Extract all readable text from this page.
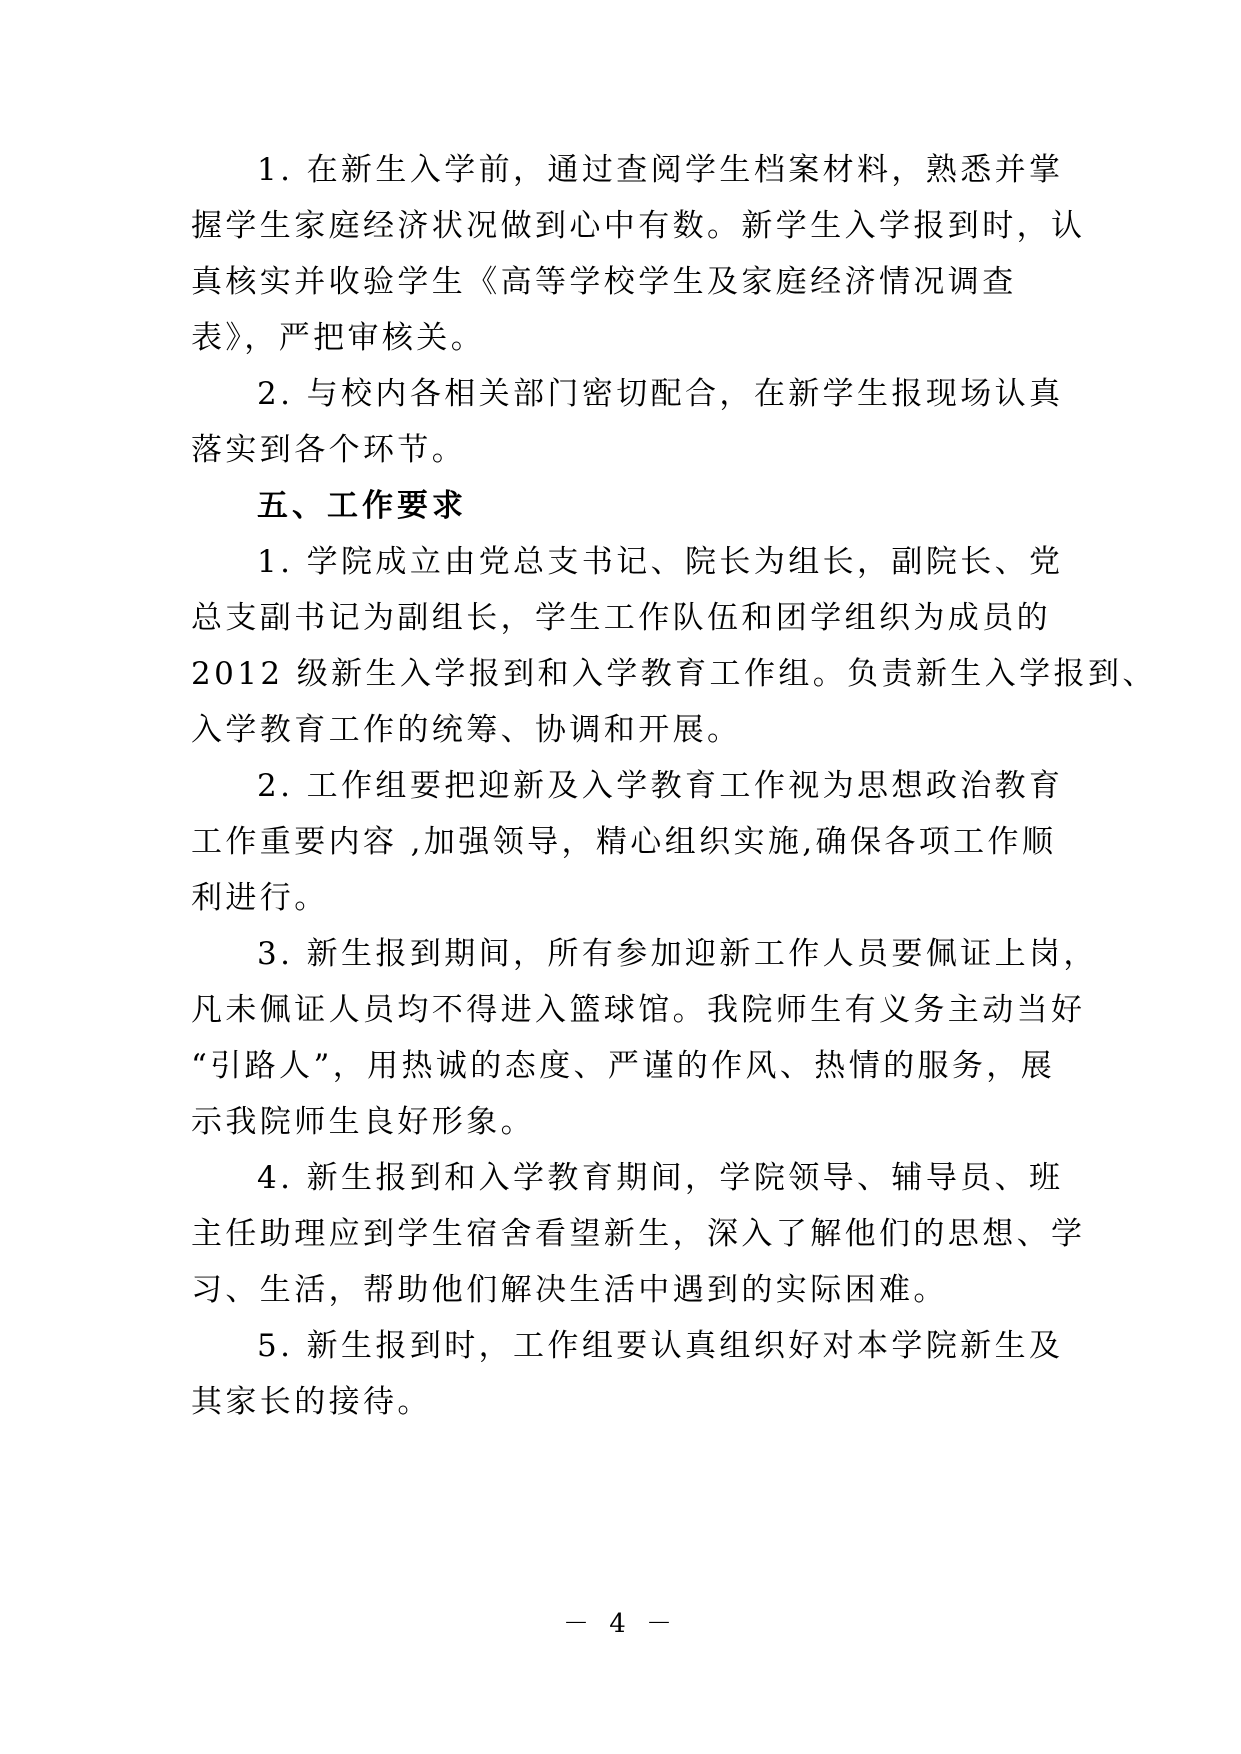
1. 在新生入学前，通过查阅学生档案材料，熟悉并掌
握学生家庭经济状况做到心中有数。新学生入学报到时，认
真核实并收验学生《高等学校学生及家庭经济情况调查
表》，严把审核关。
2. 与校内各相关部门密切配合，在新学生报现场认真
落实到各个环节。
五、工作要求
1. 学院成立由党总支书记、院长为组长，副院长、党
总支副书记为副组长，学生工作队伍和团学组织为成员的
2012 级新生入学报到和入学教育工作组。负责新生入学报到、
入学教育工作的统筹、协调和开展。
2. 工作组要把迎新及入学教育工作视为思想政治教育
工作重要内容 ,加强领导，精心组织实施,确保各项工作顺
利进行。
3. 新生报到期间，所有参加迎新工作人员要佩证上岗，
凡未佩证人员均不得进入篮球馆。我院师生有义务主动当好
“引路人”，用热诚的态度、严谨的作风、热情的服务，展
示我院师生良好形象。
4. 新生报到和入学教育期间，学院领导、辅导员、班
主任助理应到学生宿舍看望新生，深入了解他们的思想、学
习、生活，帮助他们解决生活中遇到的实际困难。
5. 新生报到时，工作组要认真组织好对本学院新生及
其家长的接待。
－ 4 －
